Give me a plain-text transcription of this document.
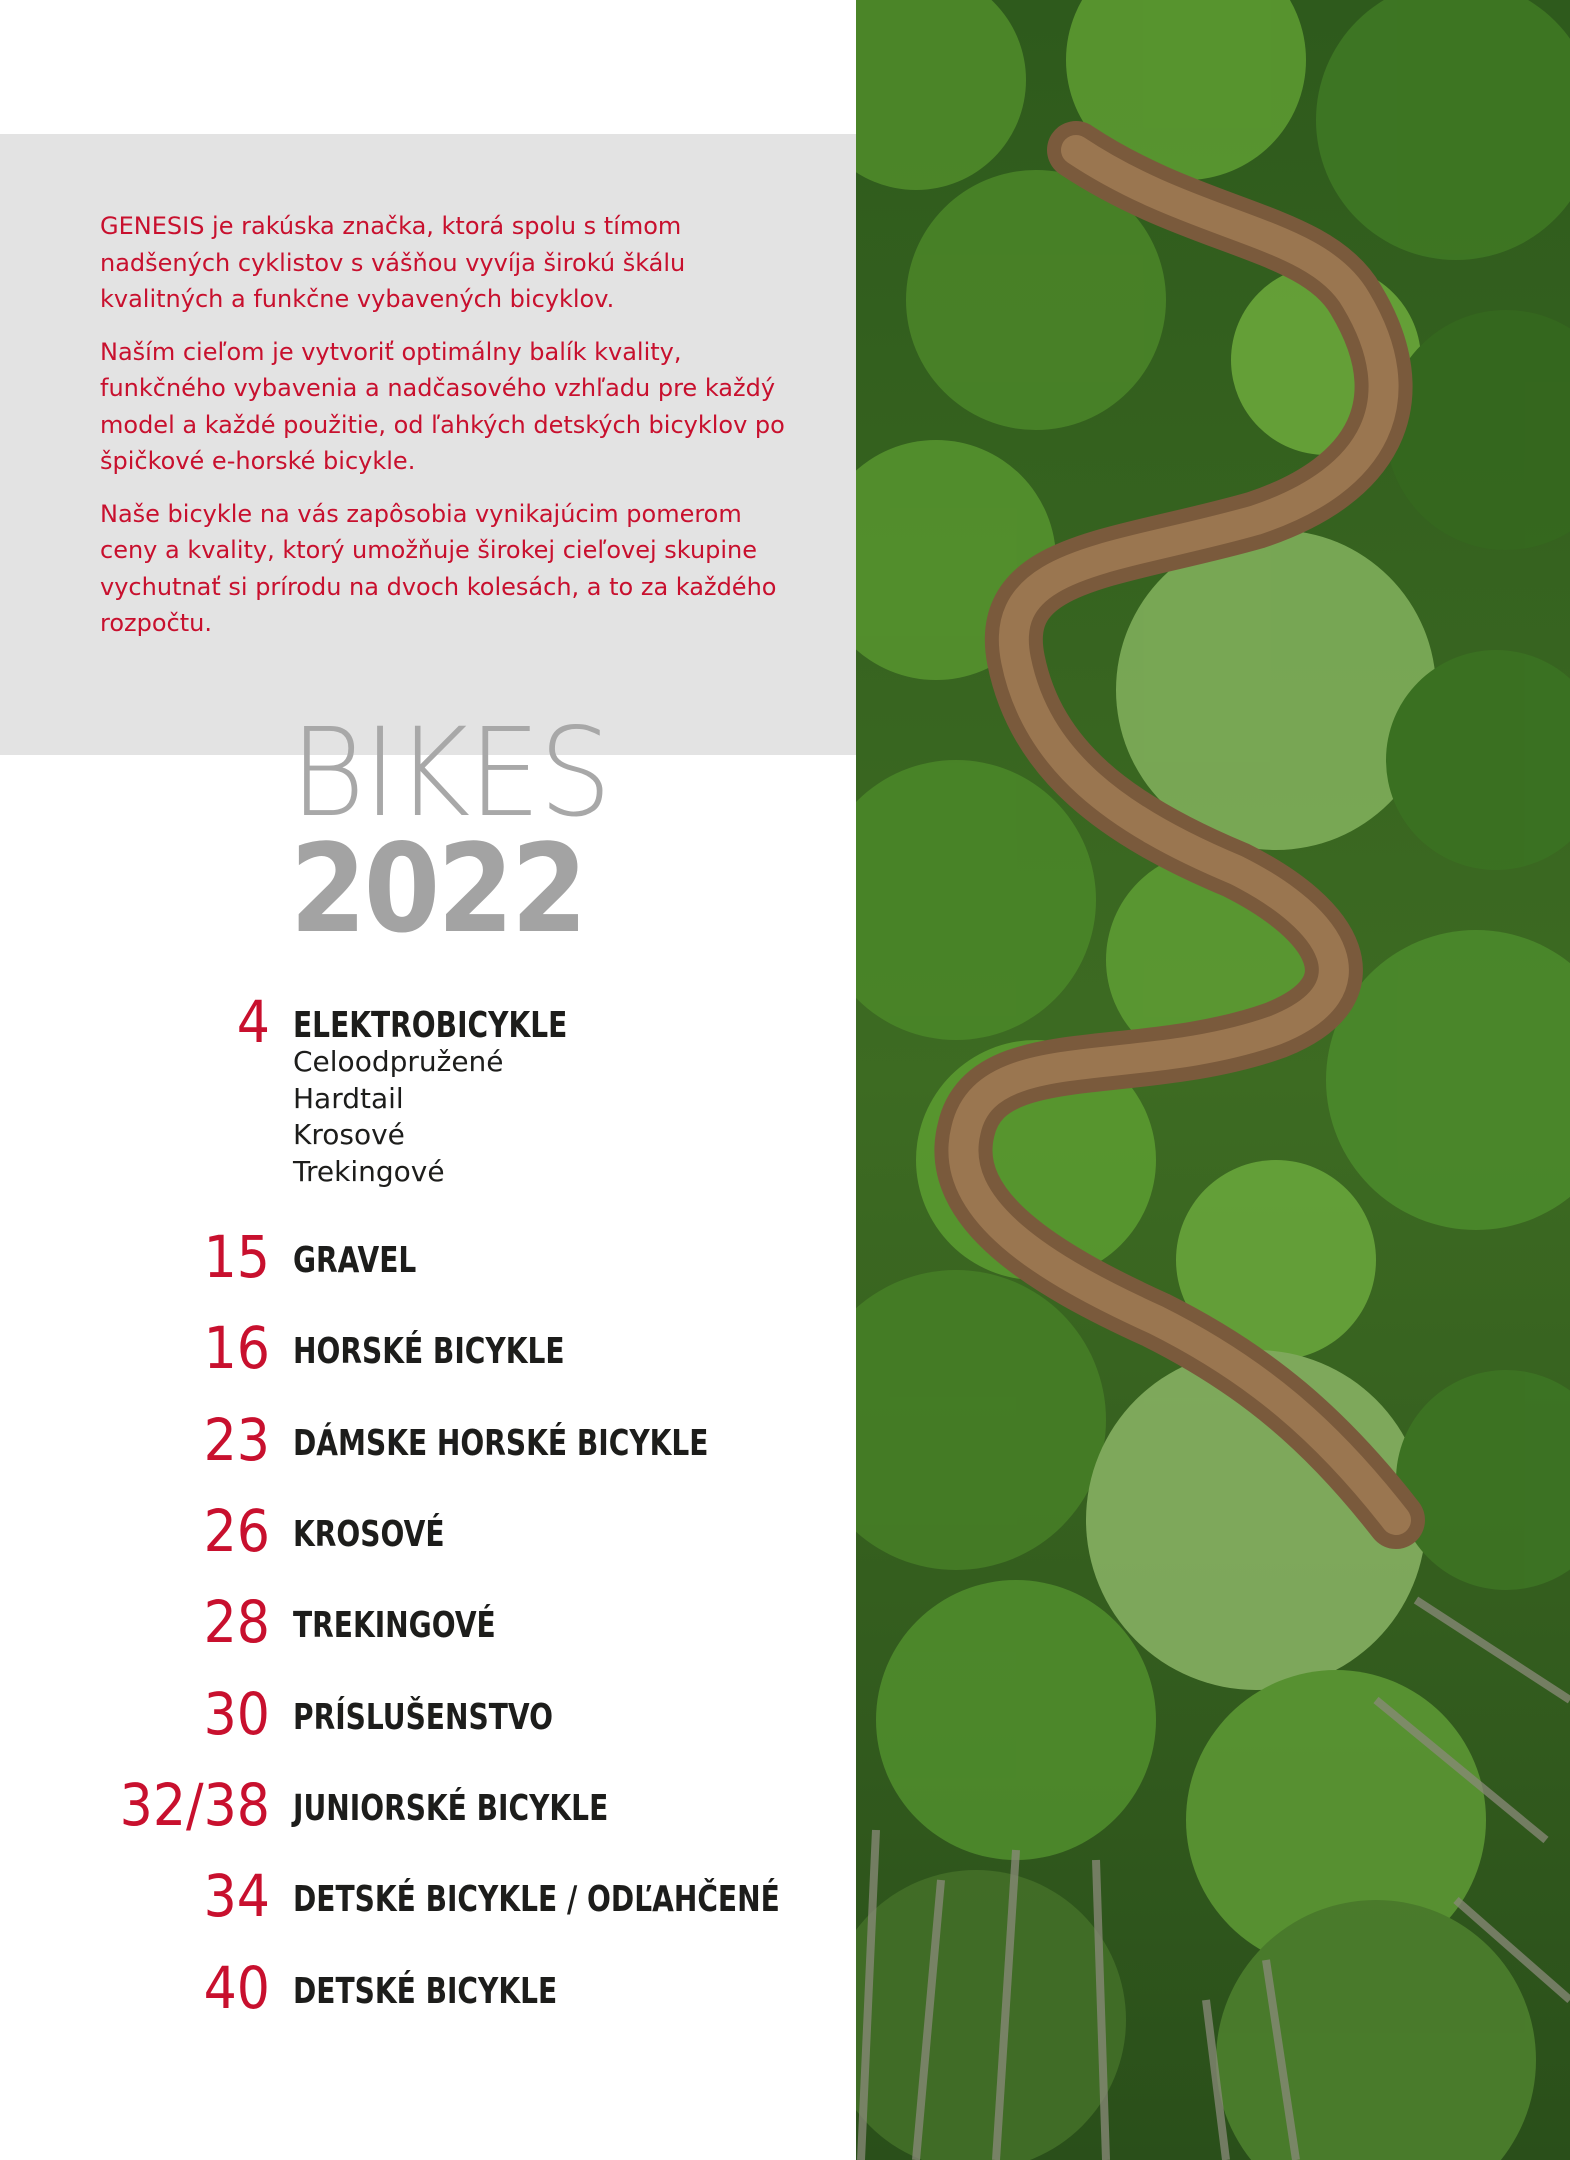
GENESIS je rakúska značka, ktorá spolu s tímom nadšených cyklistov s vášňou vyvíja širokú škálu kvalitných a funkčne vybavených bicyklov.

Naším cieľom je vytvoriť optimálny balík kvality, funkčného vybavenia a nadčasového vzhľadu pre každý model a každé použitie, od ľahkých detských bicyklov po špičkové e-horské bicykle.

Naše bicykle na vás zapôsobia vynikajúcim pomerom ceny a kvality, ktorý umožňuje širokej cieľovej skupine vychutnať si prírodu na dvoch kolesách, a to za každého rozpočtu.

BIKES
2022
4 ELEKTROBICYKLE
Celoodpružené
Hardtail
Krosové
Trekingové
15 GRAVEL
16 HORSKÉ BICYKLE
23 DÁMSKE HORSKÉ BICYKLE
26 KROSOVÉ
28 TREKINGOVÉ
30 PRÍSLUŠENSTVO
32/38 JUNIORSKÉ BICYKLE
34 DETSKÉ BICYKLE / ODĽAHČENÉ
40 DETSKÉ BICYKLE
